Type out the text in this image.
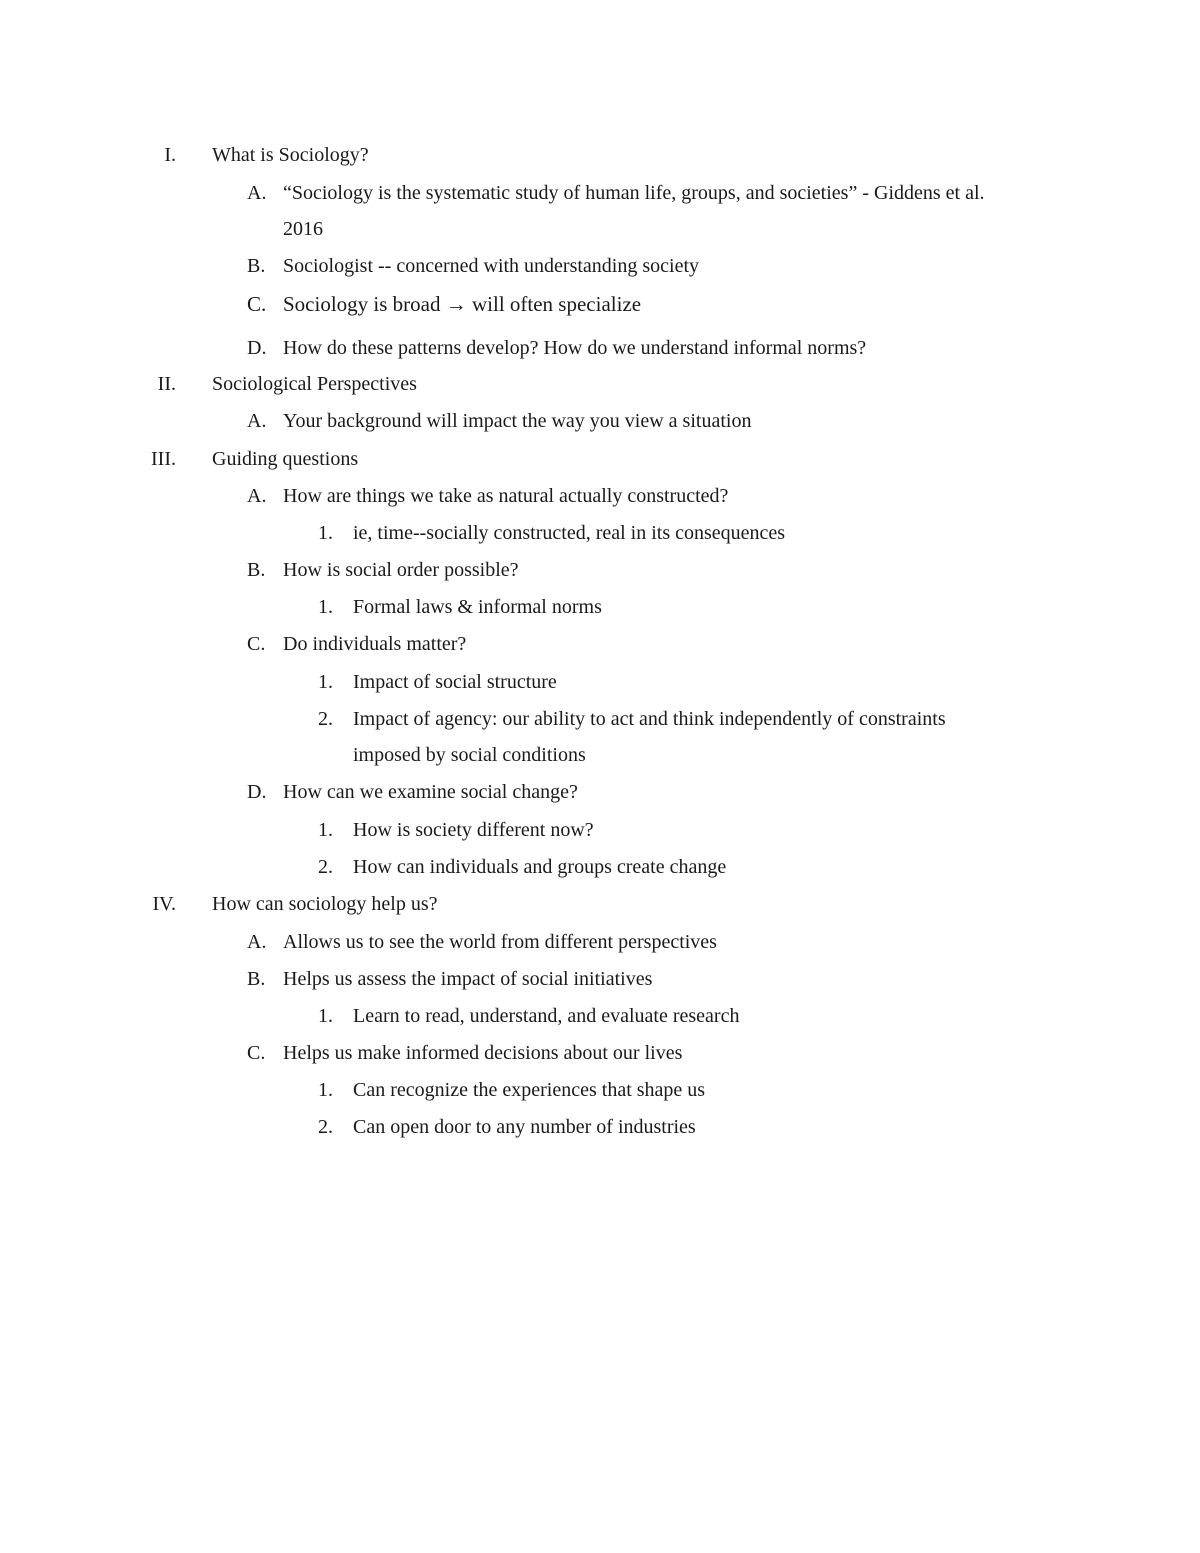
I. What is Sociology?
A. “Sociology is the systematic study of human life, groups, and societies” - Giddens et al.
2016
B. Sociologist -- concerned with understanding society
C. Sociology is broad → will often specialize
D. How do these patterns develop? How do we understand informal norms?
II. Sociological Perspectives
A. Your background will impact the way you view a situation
III. Guiding questions
A. How are things we take as natural actually constructed?
1. ie, time--socially constructed, real in its consequences
B. How is social order possible?
1. Formal laws & informal norms
C. Do individuals matter?
1. Impact of social structure
2. Impact of agency: our ability to act and think independently of constraints
imposed by social conditions
D. How can we examine social change?
1. How is society different now?
2. How can individuals and groups create change
IV. How can sociology help us?
A. Allows us to see the world from different perspectives
B. Helps us assess the impact of social initiatives
1. Learn to read, understand, and evaluate research
C. Helps us make informed decisions about our lives
1. Can recognize the experiences that shape us
2. Can open door to any number of industries
